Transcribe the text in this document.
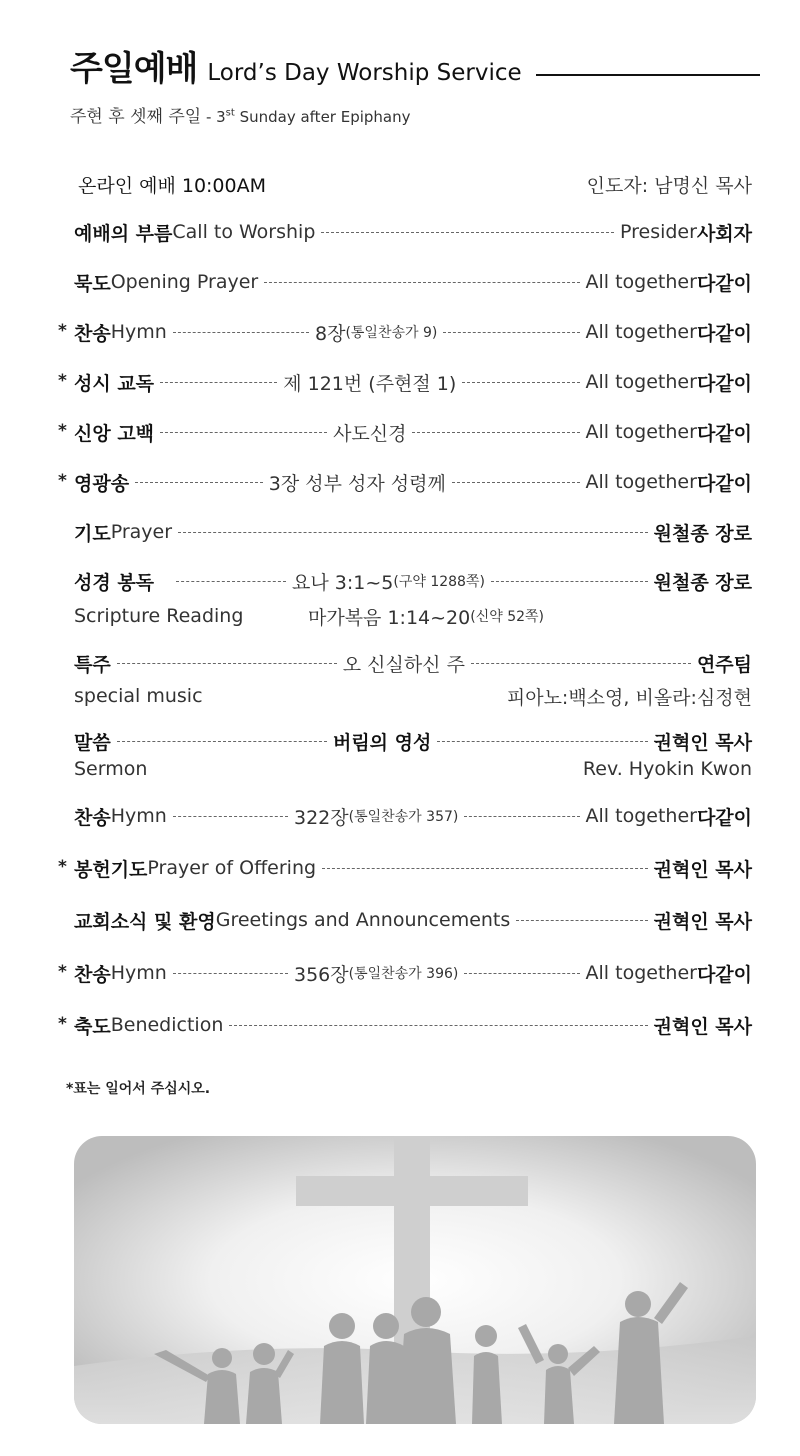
주일예배 Lord’s Day Worship Service
주현 후 셋째 주일 - 3st Sunday after Epiphany
온라인 예배 10:00AM	인도자: 남명신 목사
예배의 부름 Call to Worship	Presider 사회자
묵도 Opening Prayer	All together 다같이
* 찬송 Hymn	8장 (통일찬송가 9)	All together 다같이
* 성시 교독	제 121번 (주현절 1)	All together 다같이
* 신앙 고백	사도신경	All together 다같이
* 영광송	3장 성부 성자 성령께	All together 다같이
기도 Prayer	원철종 장로
성경 봉독	요나 3:1~5 (구약 1288쪽)	원철종 장로
Scripture Reading	마가복음 1:14~20 (신약 52쪽)
특주	오 신실하신 주	연주팀
special music	피아노:백소영, 비올라:심정현
말씀	버림의 영성	권혁인 목사
Sermon	Rev. Hyokin Kwon
찬송 Hymn	322장 (통일찬송가 357)	All together 다같이
* 봉헌기도 Prayer of Offering	권혁인 목사
교회소식 및 환영 Greetings and Announcements	권혁인 목사
* 찬송 Hymn	356장 (통일찬송가 396)	All together 다같이
* 축도 Benediction	권혁인 목사
*표는 일어서 주십시오.
